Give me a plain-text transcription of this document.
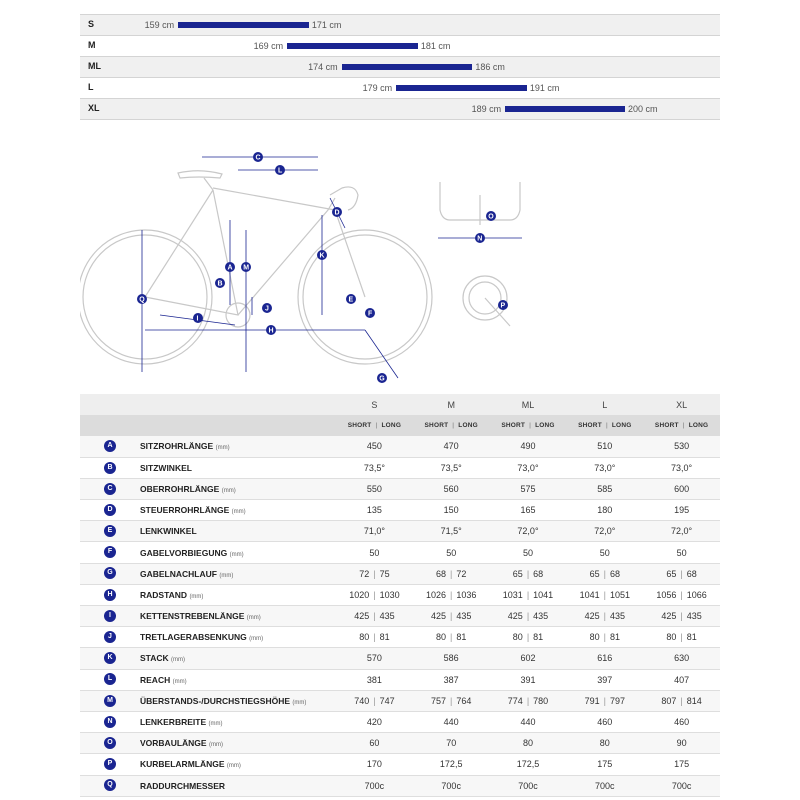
S	159 cm	171 cm
M	169 cm	181 cm
ML	174 cm	186 cm
L	179 cm	191 cm
XL	189 cm	200 cm
C
L
D
A M
B
K
Q	E
J
F
I
H
G
O
N
P
		S	M	ML	L	XL
		SHORT | LONG	SHORT | LONG	SHORT | LONG	SHORT | LONG	SHORT | LONG
A	SITZROHRLÄNGE (mm)	450	470	490	510	530
B	SITZWINKEL	73,5°	73,5°	73,0°	73,0°	73,0°
C	OBERROHRLÄNGE (mm)	550	560	575	585	600
D	STEUERROHRLÄNGE (mm)	135	150	165	180	195
E	LENKWINKEL	71,0°	71,5°	72,0°	72,0°	72,0°
F	GABELVORBIEGUNG (mm)	50	50	50	50	50
G	GABELNACHLAUF (mm)	72 | 75	68 | 72	65 | 68	65 | 68	65 | 68
H	RADSTAND (mm)	1020 | 1030	1026 | 1036	1031 | 1041	1041 | 1051	1056 | 1066
I	KETTENSTREBENLÄNGE (mm)	425 | 435	425 | 435	425 | 435	425 | 435	425 | 435
J	TRETLAGERABSENKUNG (mm)	80 | 81	80 | 81	80 | 81	80 | 81	80 | 81
K	STACK (mm)	570	586	602	616	630
L	REACH (mm)	381	387	391	397	407
M	ÜBERSTANDS-/DURCHSTIEGSHÖHE (mm)	740 | 747	757 | 764	774 | 780	791 | 797	807 | 814
N	LENKERBREITE (mm)	420	440	440	460	460
O	VORBAULÄNGE (mm)	60	70	80	80	90
P	KURBELARMLÄNGE (mm)	170	172,5	172,5	175	175
Q	RADDURCHMESSER	700c	700c	700c	700c	700c
